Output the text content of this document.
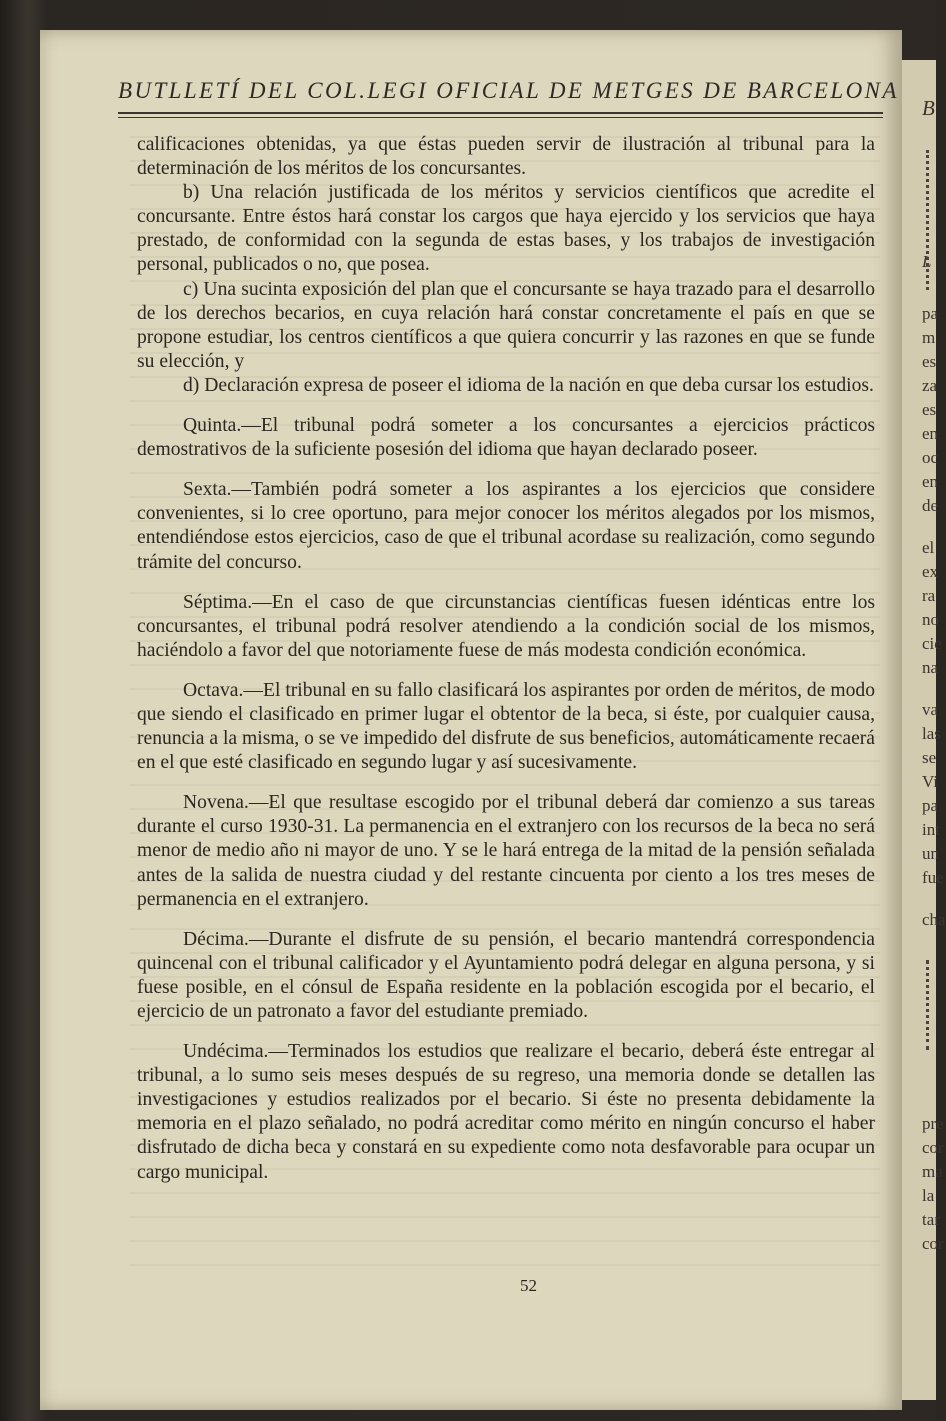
B
L
pa
m
es
za
es
en
oc
en
de
el
ex
ra
no
cie
na
va
las
se
Vi
pa
int
un
fue
cha
pre
cor
ma
la
tar
cor
BUTLLETÍ DEL COL.LEGI OFICIAL DE METGES DE BARCELONA

calificaciones obtenidas, ya que éstas pueden servir de ilustración al tribunal para la determinación de los méritos de los concursantes.

b) Una relación justificada de los méritos y servicios científicos que acredite el concursante. Entre éstos hará constar los cargos que haya ejercido y los servicios que haya prestado, de conformidad con la segunda de estas bases, y los trabajos de investigación personal, publicados o no, que posea.

c) Una sucinta exposición del plan que el concursante se haya trazado para el desarrollo de los derechos becarios, en cuya relación hará constar concretamente el país en que se propone estudiar, los centros científicos a que quiera concurrir y las razones en que se funde su elección, y

d) Declaración expresa de poseer el idioma de la nación en que deba cursar los estudios.

Quinta.—El tribunal podrá someter a los concursantes a ejercicios prácticos demostrativos de la suficiente posesión del idioma que hayan declarado poseer.

Sexta.—También podrá someter a los aspirantes a los ejercicios que considere convenientes, si lo cree oportuno, para mejor conocer los méritos alegados por los mismos, entendiéndose estos ejercicios, caso de que el tribunal acordase su realización, como segundo trámite del concurso.

Séptima.—En el caso de que circunstancias científicas fuesen idénticas entre los concursantes, el tribunal podrá resolver atendiendo a la condición social de los mismos, haciéndolo a favor del que notoriamente fuese de más modesta condición económica.

Octava.—El tribunal en su fallo clasificará los aspirantes por orden de méritos, de modo que siendo el clasificado en primer lugar el obtentor de la beca, si éste, por cualquier causa, renuncia a la misma, o se ve impedido del disfrute de sus beneficios, automáticamente recaerá en el que esté clasificado en segundo lugar y así sucesivamente.

Novena.—El que resultase escogido por el tribunal deberá dar comienzo a sus tareas durante el curso 1930-31. La permanencia en el extranjero con los recursos de la beca no será menor de medio año ni mayor de uno. Y se le hará entrega de la mitad de la pensión señalada antes de la salida de nuestra ciudad y del restante cincuenta por ciento a los tres meses de permanencia en el extranjero.

Décima.—Durante el disfrute de su pensión, el becario mantendrá correspondencia quincenal con el tribunal calificador y el Ayuntamiento podrá delegar en alguna persona, y si fuese posible, en el cónsul de España residente en la población escogida por el becario, el ejercicio de un patronato a favor del estudiante premiado.

Undécima.—Terminados los estudios que realizare el becario, deberá éste entregar al tribunal, a lo sumo seis meses después de su regreso, una memoria donde se detallen las investigaciones y estudios realizados por el becario. Si éste no presenta debidamente la memoria en el plazo señalado, no podrá acreditar como mérito en ningún concurso el haber disfrutado de dicha beca y constará en su expediente como nota desfavorable para ocupar un cargo municipal.

52
